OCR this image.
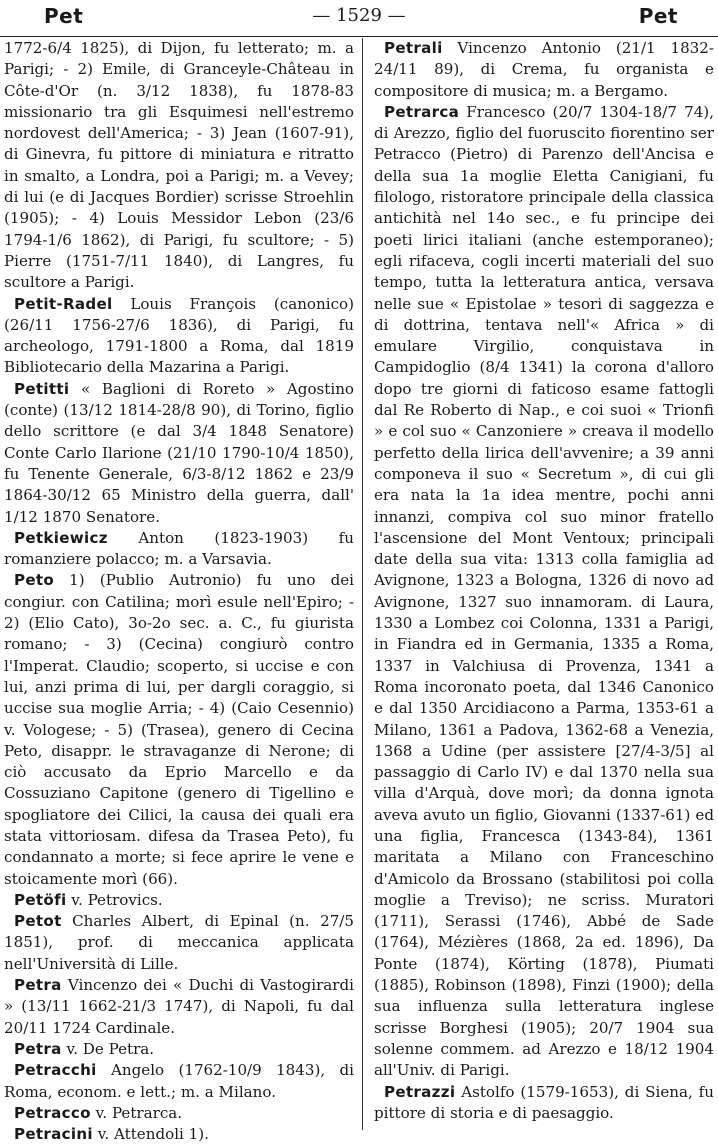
Pet	— 1529 —	Pet

1772-6/4 1825), di Dijon, fu letterato; m. a Parigi; - 2) Emile, di Granceyle-Château in Côte-d'Or (n. 3/12 1838), fu 1878-83 missionario tra gli Esquimesi nell'estremo nordovest dell'America; - 3) Jean (1607-91), di Ginevra, fu pittore di miniatura e ritratto in smalto, a Londra, poi a Parigi; m. a Vevey; di lui (e di Jacques Bordier) scrisse Stroehlin (1905); - 4) Louis Messidor Lebon (23/6 1794-1/6 1862), di Parigi, fu scultore; - 5) Pierre (1751-7/11 1840), di Langres, fu scultore a Parigi.

Petit-Radel Louis François (canonico) (26/11 1756-27/6 1836), di Parigi, fu archeologo, 1791-1800 a Roma, dal 1819 Bibliotecario della Mazarina a Parigi.

Petitti « Baglioni di Roreto » Agostino (conte) (13/12 1814-28/8 90), di Torino, figlio dello scrittore (e dal 3/4 1848 Senatore) Conte Carlo Ilarione (21/10 1790-10/4 1850), fu Tenente Generale, 6/3-8/12 1862 e 23/9 1864-30/12 65 Ministro della guerra, dall' 1/12 1870 Senatore.

Petkiewicz Anton (1823-1903) fu romanziere polacco; m. a Varsavia.

Peto 1) (Publio Autronio) fu uno dei congiur. con Catilina; morì esule nell'Epiro; - 2) (Elio Cato), 3o-2o sec. a. C., fu giurista romano; - 3) (Cecina) congiurò contro l'Imperat. Claudio; scoperto, si uccise e con lui, anzi prima di lui, per dargli coraggio, si uccise sua moglie Arria; - 4) (Caio Cesennio) v. Vologese; - 5) (Trasea), genero di Cecina Peto, disappr. le stravaganze di Nerone; di ciò accusato da Eprio Marcello e da Cossuziano Capitone (genero di Tigellino e spogliatore dei Cilici, la causa dei quali era stata vittoriosam. difesa da Trasea Peto), fu condannato a morte; si fece aprire le vene e stoicamente morì (66).

Petöfi v. Petrovics.

Petot Charles Albert, di Epinal (n. 27/5 1851), prof. di meccanica applicata nell'Università di Lille.

Petra Vincenzo dei « Duchi di Vastogirardi » (13/11 1662-21/3 1747), di Napoli, fu dal 20/11 1724 Cardinale.

Petra v. De Petra.

Petracchi Angelo (1762-10/9 1843), di Roma, econom. e lett.; m. a Milano.

Petracco v. Petrarca.

Petracini v. Attendoli 1).

Petrali Vincenzo Antonio (21/1 1832-24/11 89), di Crema, fu organista e compositore di musica; m. a Bergamo.

Petrarca Francesco (20/7 1304-18/7 74), di Arezzo, figlio del fuoruscito fiorentino ser Petracco (Pietro) di Parenzo dell'Ancisa e della sua 1a moglie Eletta Canigiani, fu filologo, ristoratore principale della classica antichità nel 14o sec., e fu principe dei poeti lirici italiani (anche estemporaneo); egli rifaceva, cogli incerti materiali del suo tempo, tutta la letteratura antica, versava nelle sue « Epistolae » tesori di saggezza e di dottrina, tentava nell'« Africa » di emulare Virgilio, conquistava in Campidoglio (8/4 1341) la corona d'alloro dopo tre giorni di faticoso esame fattogli dal Re Roberto di Nap., e coi suoi « Trionfi » e col suo « Canzoniere » creava il modello perfetto della lirica dell'avvenire; a 39 anni componeva il suo « Secretum », di cui gli era nata la 1a idea mentre, pochi anni innanzi, compiva col suo minor fratello l'ascensione del Mont Ventoux; principali date della sua vita: 1313 colla famiglia ad Avignone, 1323 a Bologna, 1326 di novo ad Avignone, 1327 suo innamoram. di Laura, 1330 a Lombez coi Colonna, 1331 a Parigi, in Fiandra ed in Germania, 1335 a Roma, 1337 in Valchiusa di Provenza, 1341 a Roma incoronato poeta, dal 1346 Canonico e dal 1350 Arcidiacono a Parma, 1353-61 a Milano, 1361 a Padova, 1362-68 a Venezia, 1368 a Udine (per assistere [27/4-3/5] al passaggio di Carlo IV) e dal 1370 nella sua villa d'Arquà, dove morì; da donna ignota aveva avuto un figlio, Giovanni (1337-61) ed una figlia, Francesca (1343-84), 1361 maritata a Milano con Franceschino d'Amicolo da Brossano (stabilitosi poi colla moglie a Treviso); ne scriss. Muratori (1711), Serassi (1746), Abbé de Sade (1764), Mézières (1868, 2a ed. 1896), Da Ponte (1874), Körting (1878), Piumati (1885), Robinson (1898), Finzi (1900); della sua influenza sulla letteratura inglese scrisse Borghesi (1905); 20/7 1904 sua solenne commem. ad Arezzo e 18/12 1904 all'Univ. di Parigi.

Petrazzi Astolfo (1579-1653), di Siena, fu pittore di storia e di paesaggio.
